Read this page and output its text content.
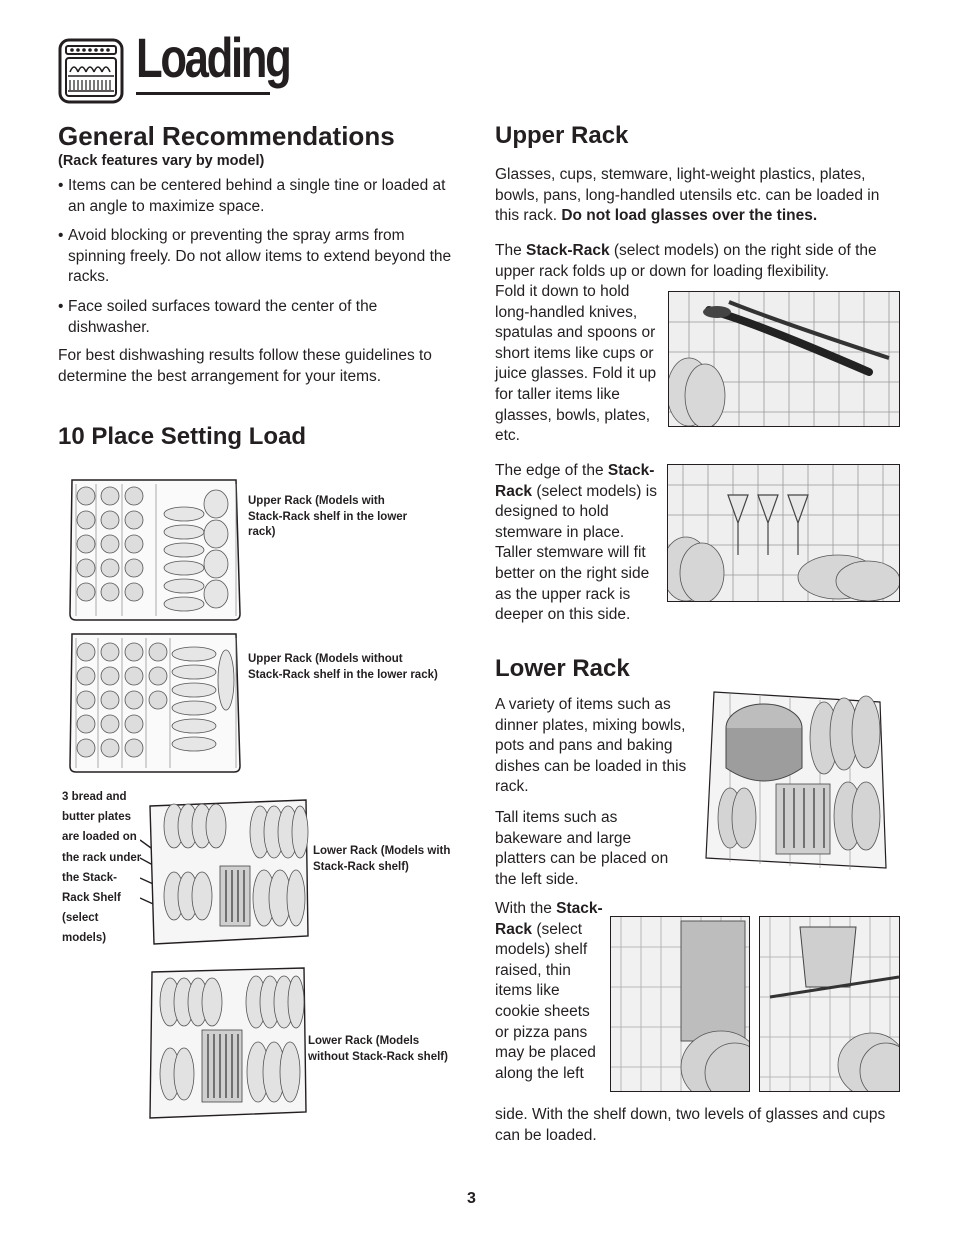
Loading
General Recommendations
(Rack features vary by model)
• Items can be centered behind a single tine or loaded at an angle to maximize space.
• Avoid blocking or preventing the spray arms from spinning freely. Do not allow items to extend beyond the racks.
• Face soiled surfaces toward the center of the dishwasher.
For best dishwashing results follow these guidelines to determine the best arrangement for your items.
10 Place Setting Load
Upper Rack (Models with Stack-Rack shelf in the lower rack)
Upper Rack (Models without Stack-Rack shelf in the lower rack)
3 bread and butter plates are loaded on the rack under the Stack-Rack Shelf (select models)
Lower Rack (Models with Stack-Rack shelf)
Lower Rack (Models without Stack-Rack shelf)
Upper Rack
Glasses, cups, stemware, light-weight plastics, plates, bowls, pans, long-handled utensils etc. can be loaded in this rack. Do not load glasses over the tines.
The Stack-Rack (select models) on the right side of the upper rack folds up or down for loading flexibility.
Fold it down to hold long-handled knives, spatulas and spoons or short items like cups or juice glasses. Fold it up for taller items like glasses, bowls, plates, etc.
The edge of the Stack-Rack (select models) is designed to hold stemware in place. Taller stemware will fit better on the right side as the upper rack is deeper on this side.
Lower Rack
A variety of items such as dinner plates, mixing bowls, pots and pans and baking dishes can be loaded in this rack.
Tall items such as bakeware and large platters can be placed on the left side.
With the Stack-Rack (select models) shelf raised, thin items like cookie sheets or pizza pans may be placed along the left
side. With the shelf down, two levels of glasses and cups can be loaded.
3
